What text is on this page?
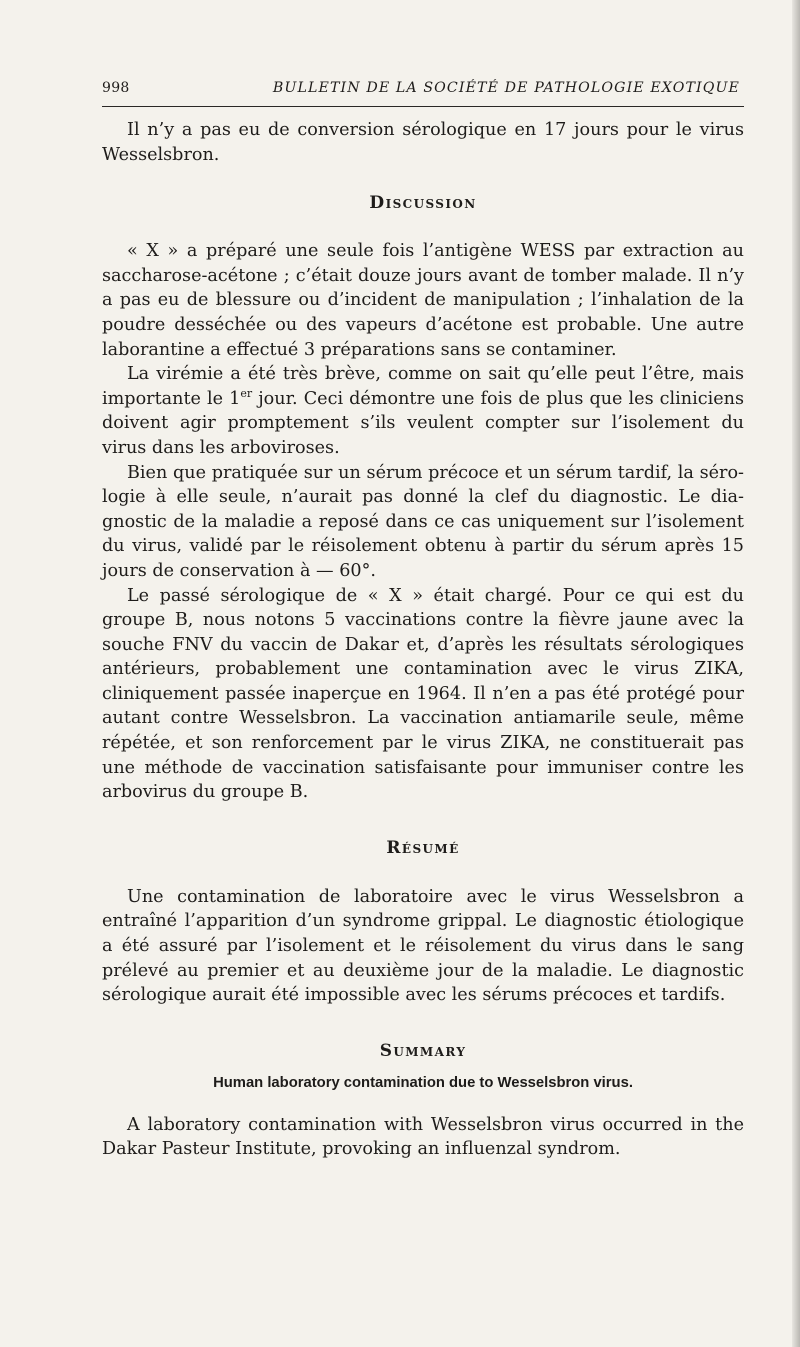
998	BULLETIN DE LA SOCIÉTÉ DE PATHOLOGIE EXOTIQUE

Il n’y a pas eu de conversion sérologique en 17 jours pour le virus Wesselsbron.

Discussion

« X » a préparé une seule fois l’antigène WESS par extraction au saccharose-acétone ; c’était douze jours avant de tomber malade. Il n’y a pas eu de blessure ou d’incident de manipulation ; l’inhalation de la poudre desséchée ou des vapeurs d’acétone est probable. Une autre laborantine a effectué 3 préparations sans se contaminer.

La virémie a été très brève, comme on sait qu’elle peut l’être, mais importante le 1er jour. Ceci démontre une fois de plus que les cliniciens doivent agir promptement s’ils veulent compter sur l’isolement du virus dans les arboviroses.

Bien que pratiquée sur un sérum précoce et un sérum tardif, la sérologie à elle seule, n’aurait pas donné la clef du diagnostic. Le diagnostic de la maladie a reposé dans ce cas uniquement sur l’isolement du virus, validé par le réisolement obtenu à partir du sérum après 15 jours de conservation à — 60°.

Le passé sérologique de « X » était chargé. Pour ce qui est du groupe B, nous notons 5 vaccinations contre la fièvre jaune avec la souche FNV du vaccin de Dakar et, d’après les résultats sérologiques antérieurs, probablement une contamination avec le virus ZIKA, cliniquement passée inaperçue en 1964. Il n’en a pas été protégé pour autant contre Wesselsbron. La vaccination antiamarile seule, même répétée, et son renforcement par le virus ZIKA, ne constituerait pas une méthode de vaccination satisfaisante pour immuniser contre les arbovirus du groupe B.

Résumé

Une contamination de laboratoire avec le virus Wesselsbron a entraîné l’apparition d’un syndrome grippal. Le diagnostic étiologique a été assuré par l’isolement et le réisolement du virus dans le sang prélevé au premier et au deuxième jour de la maladie. Le diagnostic sérologique aurait été impossible avec les sérums précoces et tardifs.

Summary
Human laboratory contamination due to Wesselsbron virus.

A laboratory contamination with Wesselsbron virus occurred in the Dakar Pasteur Institute, provoking an influenzal syndrom.
